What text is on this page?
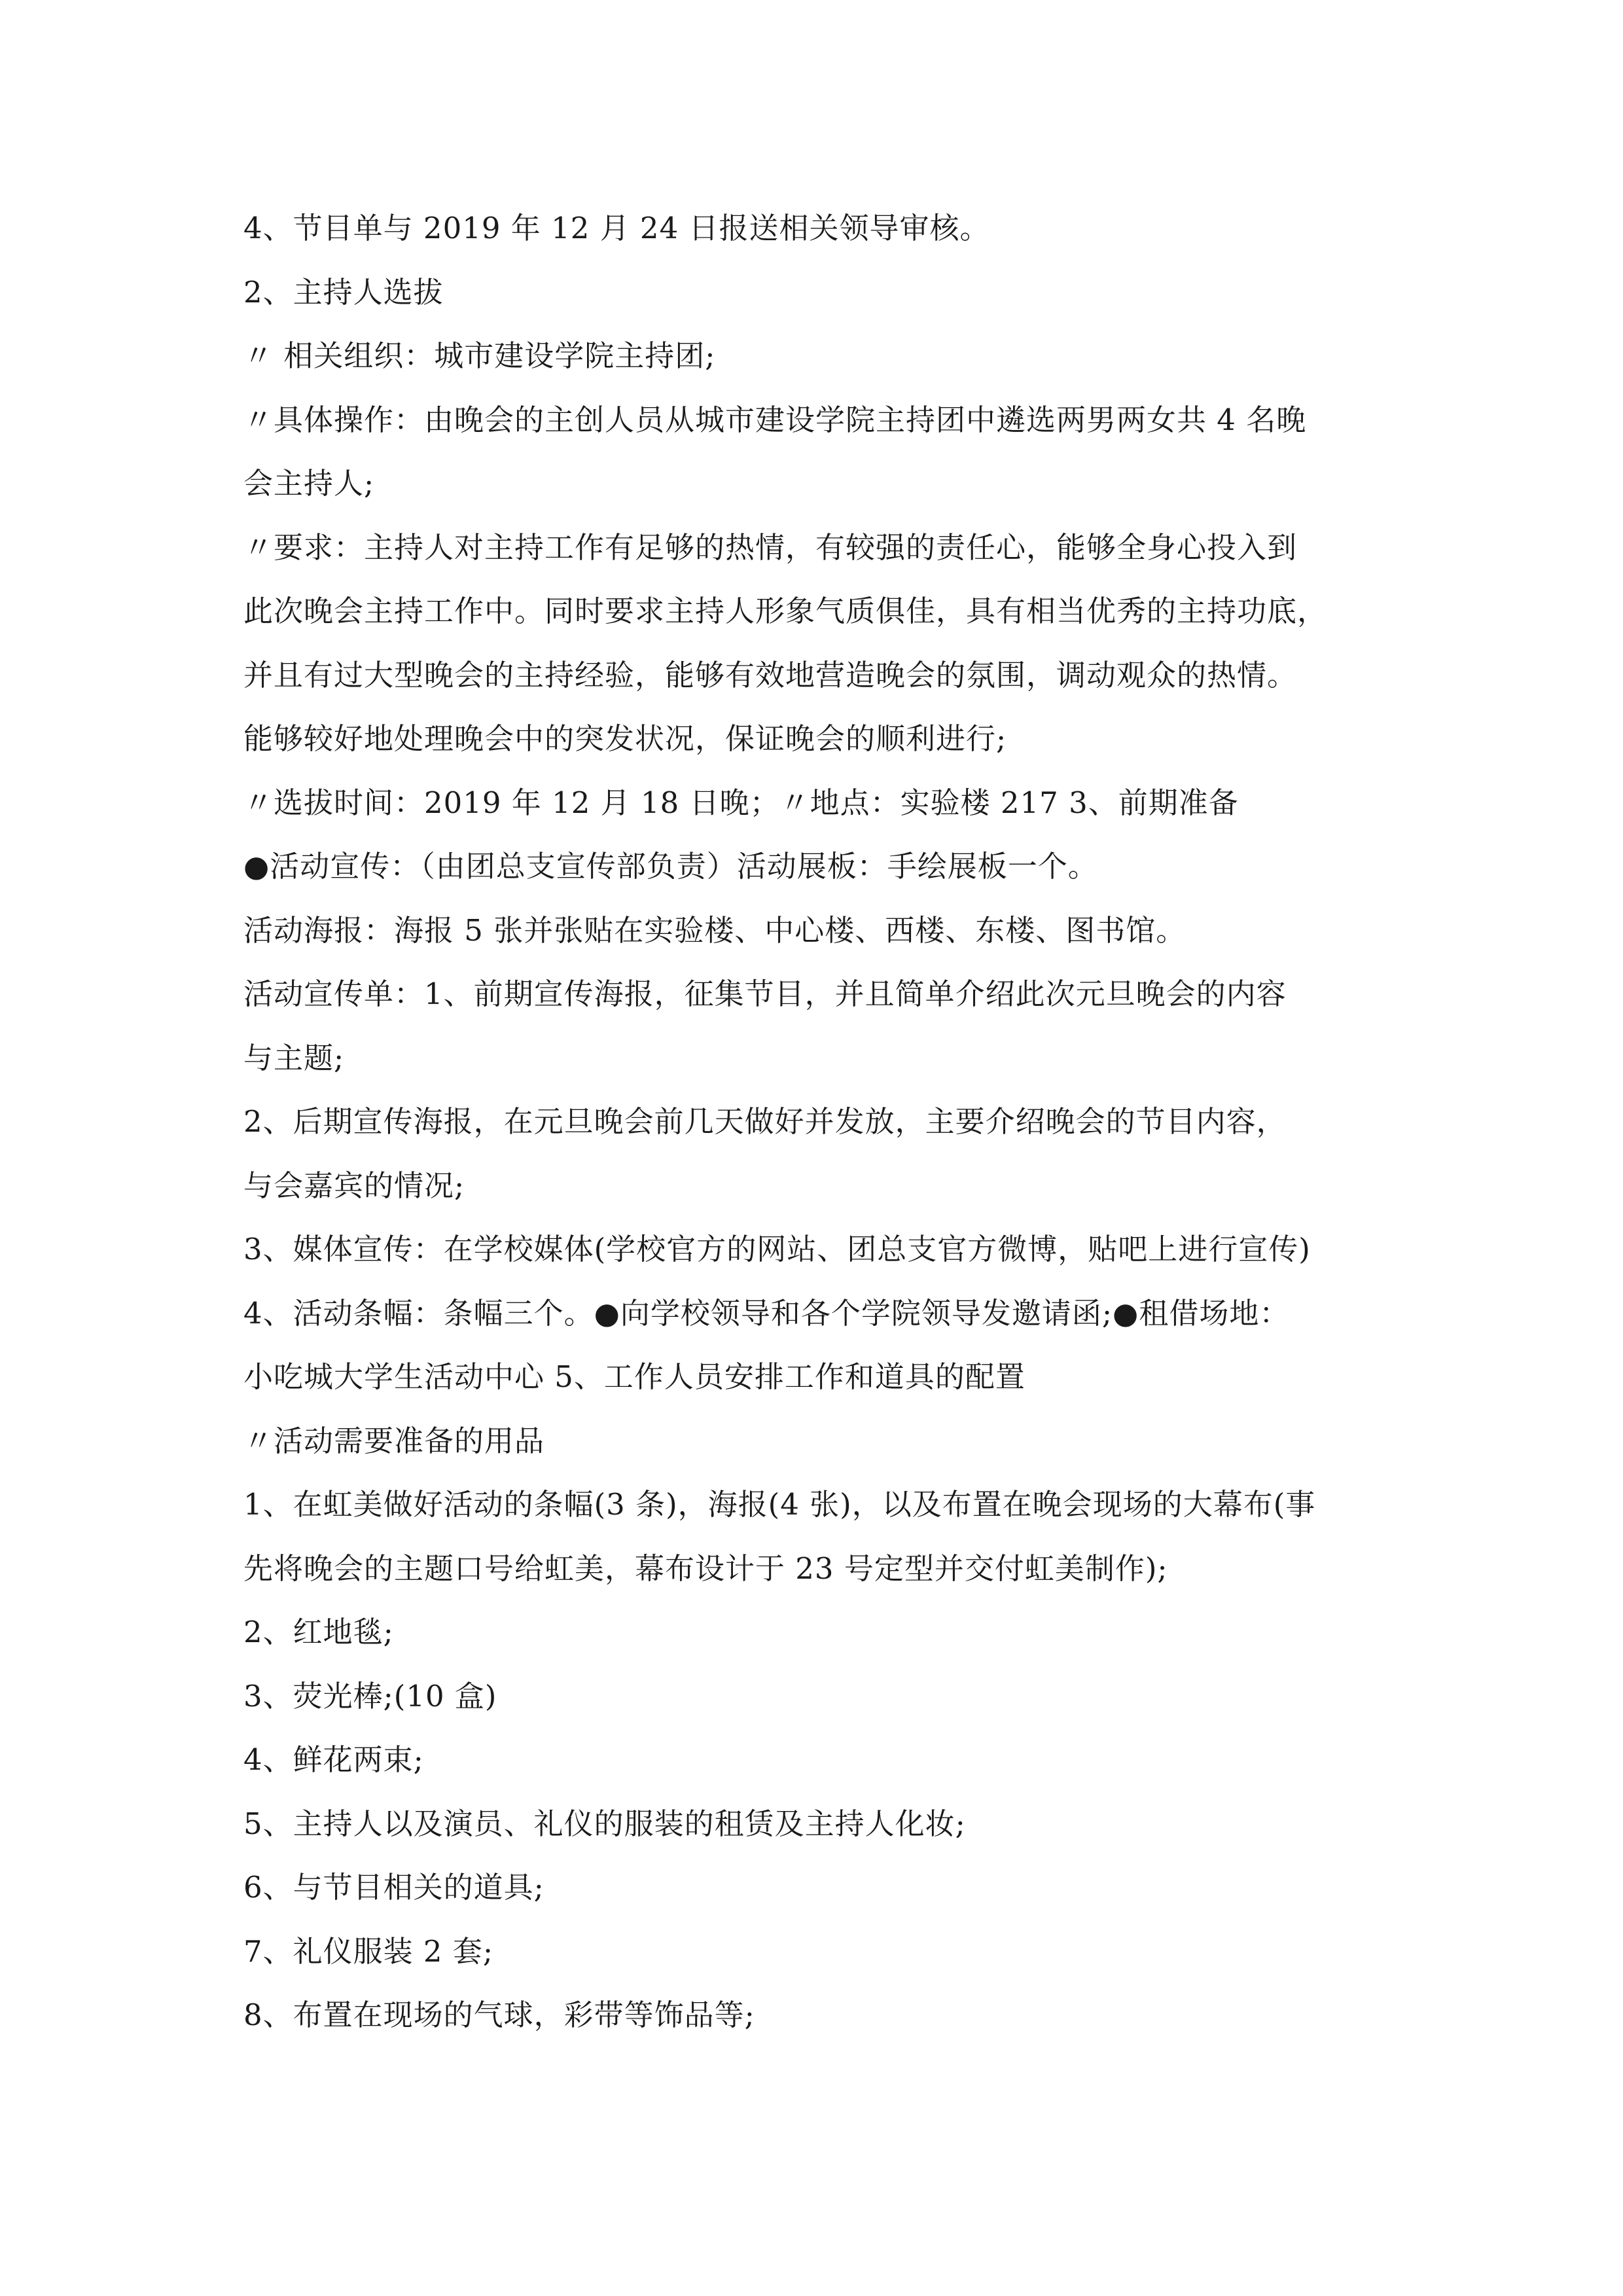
4、节目单与 2019 年 12 月 24 日报送相关领导审核。
2、主持人选拔
〃 相关组织：城市建设学院主持团;
〃具体操作：由晚会的主创人员从城市建设学院主持团中遴选两男两女共 4 名晚
会主持人;
〃要求：主持人对主持工作有足够的热情，有较强的责任心，能够全身心投入到
此次晚会主持工作中。同时要求主持人形象气质俱佳，具有相当优秀的主持功底，
并且有过大型晚会的主持经验，能够有效地营造晚会的氛围，调动观众的热情。
能够较好地处理晚会中的突发状况，保证晚会的顺利进行;
〃选拔时间：2019 年 12 月 18 日晚；〃地点：实验楼 217 3、前期准备
●活动宣传：（由团总支宣传部负责）活动展板：手绘展板一个。
活动海报：海报 5 张并张贴在实验楼、中心楼、西楼、东楼、图书馆。
活动宣传单：1、前期宣传海报，征集节目，并且简单介绍此次元旦晚会的内容
与主题;
2、后期宣传海报，在元旦晚会前几天做好并发放，主要介绍晚会的节目内容，
与会嘉宾的情况;
3、媒体宣传：在学校媒体(学校官方的网站、团总支官方微博，贴吧上进行宣传)
4、活动条幅：条幅三个。●向学校领导和各个学院领导发邀请函;●租借场地：
小吃城大学生活动中心 5、工作人员安排工作和道具的配置
〃活动需要准备的用品
1、在虹美做好活动的条幅(3 条)，海报(4 张)，以及布置在晚会现场的大幕布(事
先将晚会的主题口号给虹美，幕布设计于 23 号定型并交付虹美制作);
2、红地毯;
3、荧光棒;(10 盒)
4、鲜花两束;
5、主持人以及演员、礼仪的服装的租赁及主持人化妆;
6、与节目相关的道具;
7、礼仪服装 2 套;
8、布置在现场的气球，彩带等饰品等;
